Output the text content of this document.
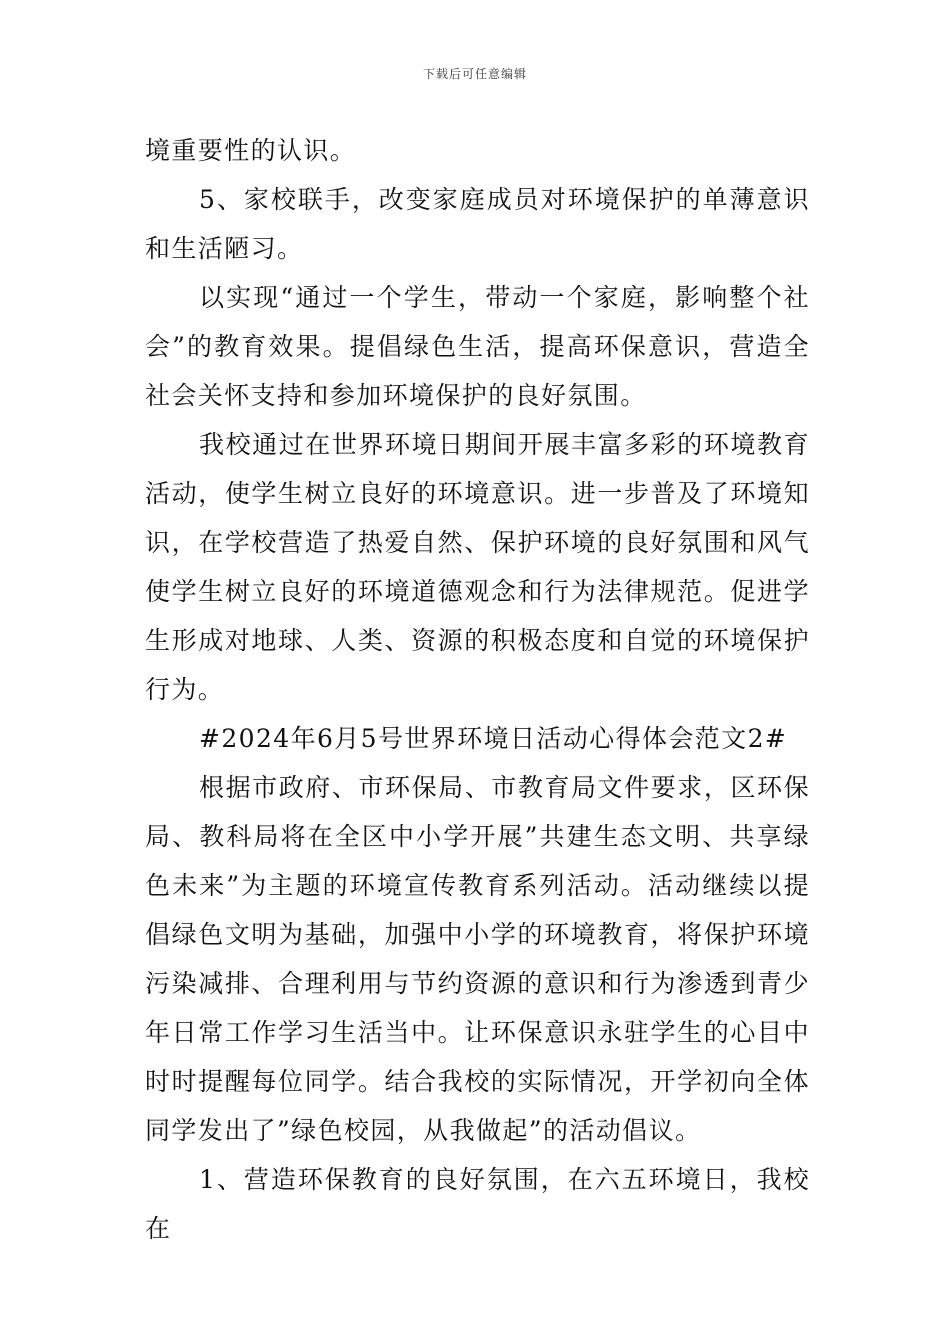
下载后可任意编辑

境重要性的认识。

5、家校联手，改变家庭成员对环境保护的单薄意识和生活陋习。

以实现“通过一个学生，带动一个家庭，影响整个社会”的教育效果。提倡绿色生活，提高环保意识，营造全社会关怀支持和参加环境保护的良好氛围。

我校通过在世界环境日期间开展丰富多彩的环境教育活动，使学生树立良好的环境意识。进一步普及了环境知识，在学校营造了热爱自然、保护环境的良好氛围和风气使学生树立良好的环境道德观念和行为法律规范。促进学生形成对地球、人类、资源的积极态度和自觉的环境保护行为。

#2024年6月5号世界环境日活动心得体会范文2#

根据市政府、市环保局、市教育局文件要求，区环保局、教科局将在全区中小学开展”共建生态文明、共享绿色未来”为主题的环境宣传教育系列活动。活动继续以提倡绿色文明为基础，加强中小学的环境教育，将保护环境污染减排、合理利用与节约资源的意识和行为渗透到青少年日常工作学习生活当中。让环保意识永驻学生的心目中时时提醒每位同学。结合我校的实际情况，开学初向全体同学发出了”绿色校园，从我做起”的活动倡议。

1、营造环保教育的良好氛围，在六五环境日，我校在
